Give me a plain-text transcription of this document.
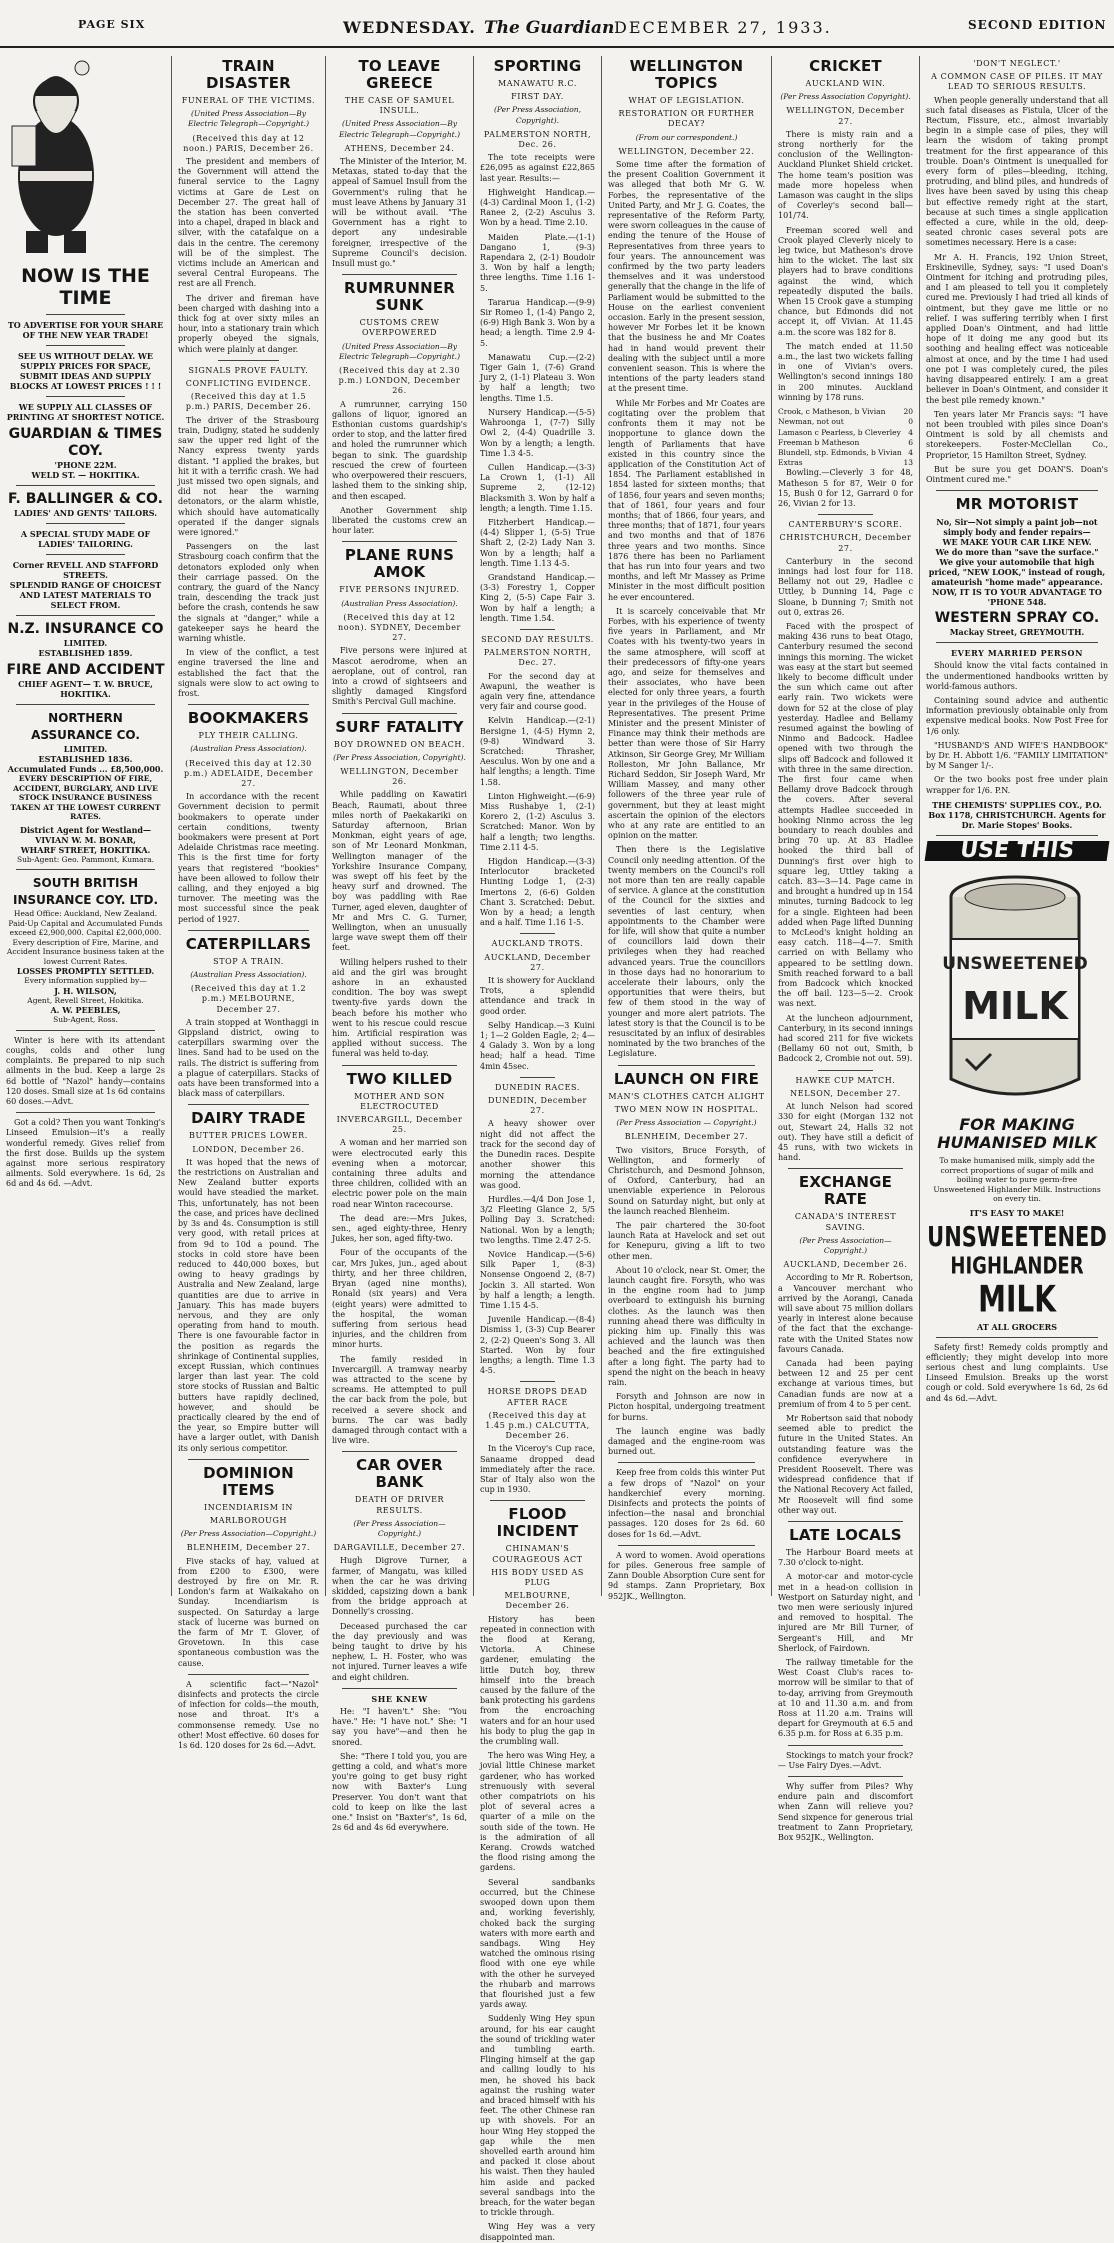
PAGE SIX	WEDNESDAY. The Guardian DECEMBER 27, 1933.	SECOND EDITION
NOW IS THE TIME
TO ADVERTISE FOR YOUR SHARE OF THE NEW YEAR TRADE!
SEE US WITHOUT DELAY. WE SUPPLY PRICES FOR SPACE, SUBMIT IDEAS AND SUPPLY BLOCKS AT LOWEST PRICES ! ! !
WE SUPPLY ALL CLASSES OF PRINTING AT SHORTEST NOTICE.
GUARDIAN & TIMES COY.
'PHONE 22M.
WELD ST. — HOKITIKA.
F. BALLINGER & CO.
LADIES' AND GENTS' TAILORS.
A SPECIAL STUDY MADE OF LADIES' TAILORING.
Corner REVELL AND STAFFORD STREETS.
SPLENDID RANGE OF CHOICEST AND LATEST MATERIALS TO SELECT FROM.
N.Z. INSURANCE CO
LIMITED.
ESTABLISHED 1859.
FIRE AND ACCIDENT
CHIEF AGENT— T. W. BRUCE, HOKITIKA.
NORTHERN ASSURANCE CO.
LIMITED.
ESTABLISHED 1836.
Accumulated Funds ... £8,500,000.
EVERY DESCRIPTION OF FIRE, ACCIDENT, BURGLARY, AND LIVE STOCK INSURANCE BUSINESS TAKEN AT THE LOWEST CURRENT RATES.
District Agent for Westland—
VIVIAN W. M. BONAR,
WHARF STREET, HOKITIKA.
Sub-Agent: Geo. Pammont, Kumara.
SOUTH BRITISH INSURANCE COY. LTD.
Head Office: Auckland, New Zealand. Paid-Up Capital and Accumulated Funds exceed £2,900,000. Capital £2,000,000.
Every description of Fire, Marine, and Accident Insurance business taken at the lowest Current Rates.
LOSSES PROMPTLY SETTLED.
Every information supplied by—
J. H. WILSON,
Agent, Revell Street, Hokitika.
A. W. PEEBLES,
Sub-Agent, Ross.

Winter is here with its attendant coughs, colds and other lung complaints. Be prepared to nip such ailments in the bud. Keep a large 2s 6d bottle of "Nazol" handy—contains 120 doses. Small size at 1s 6d contains 60 doses.—Advt.

Got a cold? Then you want Tonking's Linseed Emulsion—it's a really wonderful remedy. Gives relief from the first dose. Builds up the system against more serious respiratory ailments. Sold everywhere. 1s 6d, 2s 6d and 4s 6d. —Advt.

TRAIN DISASTER
FUNERAL OF THE VICTIMS.
(United Press Association—By Electric Telegraph—Copyright.)
(Received this day at 12 noon.) PARIS, December 26.

The president and members of the Government will attend the funeral service to the Lagny victims at Gare de Lest on December 27. The great hall of the station has been converted into a chapel, draped in black and silver, with the catafalque on a dais in the centre. The ceremony will be of the simplest. The victims include an American and several Central Europeans. The rest are all French.

The driver and fireman have been charged with dashing into a thick fog at over sixty miles an hour, into a stationary train which properly obeyed the signals, which were plainly at danger.

SIGNALS PROVE FAULTY.
CONFLICTING EVIDENCE.
(Received this day at 1.5 p.m.) PARIS, December 26.

The driver of the Strasbourg train, Dudigny, stated he suddenly saw the upper red light of the Nancy express twenty yards distant. "I applied the brakes, but hit it with a terrific crash. We had just missed two open signals, and did not hear the warning detonators, or the alarm whistle, which should have automatically operated if the danger signals were ignored."

Passengers on the last Strasbourg coach confirm that the detonators exploded only when their carriage passed. On the contrary, the guard of the Nancy train, descending the track just before the crash, contends he saw the signals at "danger," while a gatekeeper says he heard the warning whistle.

In view of the conflict, a test engine traversed the line and established the fact that the signals were slow to act owing to frost.

BOOKMAKERS
PLY THEIR CALLING.
(Australian Press Association).
(Received this day at 12.30 p.m.) ADELAIDE, December 27.

In accordance with the recent Government decision to permit bookmakers to operate under certain conditions, twenty bookmakers were present at Port Adelaide Christmas race meeting. This is the first time for forty years that registered "bookies" have been allowed to follow their calling, and they enjoyed a big turnover. The meeting was the most successful since the peak period of 1927.

CATERPILLARS
STOP A TRAIN.
(Australian Press Association).
(Received this day at 1.2 p.m.) MELBOURNE, December 27.

A train stopped at Wonthaggi in Gippsland district, owing to caterpillars swarming over the lines. Sand had to be used on the rails. The district is suffering from a plague of caterpillars. Stacks of oats have been transformed into a black mass of caterpillars.

DAIRY TRADE
BUTTER PRICES LOWER.
LONDON, December 26.

It was hoped that the news of the restrictions on Australian and New Zealand butter exports would have steadied the market. This, unfortunately, has not been the case, and prices have declined by 3s and 4s. Consumption is still very good, with retail prices at from 9d to 10d a pound. The stocks in cold store have been reduced to 440,000 boxes, but owing to heavy gradings by Australia and New Zealand, large quantities are due to arrive in January. This has made buyers nervous, and they are only operating from hand to mouth. There is one favourable factor in the position as regards the shrinkage of Continental supplies, except Russian, which continues larger than last year. The cold store stocks of Russian and Baltic butters have rapidly declined, however, and should be practically cleared by the end of the year, so Empire butter will have a larger outlet, with Danish its only serious competitor.

DOMINION ITEMS
INCENDIARISM IN
MARLBOROUGH
(Per Press Association—Copyright.)
BLENHEIM, December 27.

Five stacks of hay, valued at from £200 to £300, were destroyed by fire on Mr. R. London's farm at Waikakaho on Sunday. Incendiarism is suspected. On Saturday a large stack of lucerne was burned on the farm of Mr T. Glover, of Grovetown. In this case spontaneous combustion was the cause.

A scientific fact—"Nazol" disinfects and protects the circle of infection for colds—the mouth, nose and throat. It's a commonsense remedy. Use no other! Most effective. 60 doses for 1s 6d. 120 doses for 2s 6d.—Advt.

TO LEAVE GREECE
THE CASE OF SAMUEL INSULL.
(United Press Association—By Electric Telegraph—Copyright.)
ATHENS, December 24.

The Minister of the Interior, M. Metaxas, stated to-day that the appeal of Samuel Insull from the Government's ruling that he must leave Athens by January 31 will be without avail. "The Government has a right to deport any undesirable foreigner, irrespective of the Supreme Council's decision. Insull must go."

RUMRUNNER SUNK
CUSTOMS CREW OVERPOWERED
(United Press Association—By Electric Telegraph—Copyright.)
(Received this day at 2.30 p.m.) LONDON, December 26.

A rumrunner, carrying 150 gallons of liquor, ignored an Esthonian customs guardship's order to stop, and the latter fired and holed the rumrunner which began to sink. The guardship rescued the crew of fourteen who overpowered their rescuers, lashed them to the sinking ship, and then escaped.

Another Government ship liberated the customs crew an hour later.

PLANE RUNS AMOK
FIVE PERSONS INJURED.
(Australian Press Association).
(Received this day at 12 noon). SYDNEY, December 27.

Five persons were injured at Mascot aerodrome, when an aeroplane, out of control, ran into a crowd of sightseers and slightly damaged Kingsford Smith's Percival Gull machine.

SURF FATALITY
BOY DROWNED ON BEACH.
(Per Press Association, Copyright).
WELLINGTON, December 26.

While paddling on Kawatiri Beach, Raumati, about three miles north of Paekakariki on Saturday afternoon, Brian Monkman, eight years of age, son of Mr Leonard Monkman, Wellington manager of the Yorkshire Insurance Company, was swept off his feet by the heavy surf and drowned. The boy was paddling with Rae Turner, aged eleven, daughter of Mr and Mrs C. G. Turner, Wellington, when an unusually large wave swept them off their feet.

Willing helpers rushed to their aid and the girl was brought ashore in an exhausted condition. The boy was swept twenty-five yards down the beach before his mother who went to his rescue could rescue him. Artificial respiration was applied without success. The funeral was held to-day.

TWO KILLED
MOTHER AND SON ELECTROCUTED
INVERCARGILL, December 25.

A woman and her married son were electrocuted early this evening when a motorcar, containing three adults and three children, collided with an electric power pole on the main road near Winton racecourse.

The dead are:—Mrs Jukes, sen., aged eighty-three, Henry Jukes, her son, aged fifty-two.

Four of the occupants of the car, Mrs Jukes, jun., aged about thirty, and her three children, Bryan (aged nine months), Ronald (six years) and Vera (eight years) were admitted to the hospital, the woman suffering from serious head injuries, and the children from minor hurts.

The family resided in Invercargill. A tramway nearby was attracted to the scene by screams. He attempted to pull the car back from the pole, but received a severe shock and burns. The car was badly damaged through contact with a live wire.

CAR OVER BANK
DEATH OF DRIVER RESULTS.
(Per Press Association— Copyright.)
DARGAVILLE, December 27.

Hugh Digrove Turner, a farmer, of Mangatu, was killed when the car he was driving skidded, capsizing down a bank from the bridge approach at Donnelly's crossing.

Deceased purchased the car the day previously and was being taught to drive by his nephew, L. H. Foster, who was not injured. Turner leaves a wife and eight children.

SHE KNEW

He: "I haven't." She: "You have." He: "I have not." She: "I say you have"—and then he snored.

She: "There I told you, you are getting a cold, and what's more you're going to get busy right now with Baxter's Lung Preserver. You don't want that cold to keep on like the last one." Insist on "Baxter's", 1s 6d, 2s 6d and 4s 6d everywhere.

SPORTING
MANAWATU R.C.
FIRST DAY.
(Per Press Association, Copyright).
PALMERSTON NORTH, Dec. 26.

The tote receipts were £26,095 as against £22,865 last year. Results:—

Highweight Handicap.—(4-3) Cardinal Moon 1, (1-2) Ranee 2, (2-2) Asculus 3. Won by a head. Time 2.10.

Maiden Plate.—(1-1) Dangano 1, (9-3) Rapendara 2, (2-1) Boudoir 3. Won by half a length; three lengths. Time 1.16 1-5.

Tararua Handicap.—(9-9) Sir Romeo 1, (1-4) Pango 2, (6-9) High Bank 3. Won by a head; a length. Time 2.9 4-5.

Manawatu Cup.—(2-2) Tiger Gain 1, (7-6) Grand Jury 2, (1-1) Plateau 3. Won by half a length; two lengths. Time 1.5.

Nursery Handicap.—(5-5) Wahroonga 1, (7-7) Silly Owl 2, (4-4) Quadrille 3. Won by a length; a length. Time 1.3 4-5.

Cullen Handicap.—(3-3) La Crown 1, (1-1) All Supreme 2, (12-12) Blacksmith 3. Won by half a length; a length. Time 1.15.

Fitzherbert Handicap.—(4-4) Slipper 1, (5-5) True Shaft 2, (2-2) Lady Nan 3. Won by a length; half a length. Time 1.13 4-5.

Grandstand Handicap.—(3-3) Forestry 1, Copper King 2, (5-5) Cape Fair 3. Won by half a length; a length. Time 1.54.

SECOND DAY RESULTS.
PALMERSTON NORTH, Dec. 27.

For the second day at Awapuni, the weather is again very fine, attendance very fair and course good.

Kelvin Handicap.—(2-1) Bersigne 1, (4-5) Hymn 2, (9-8) Windward 3. Scratched: Thrasher, Aesculus. Won by one and a half lengths; a length. Time 1.58.

Linton Highweight.—(6-9) Miss Rushabye 1, (2-1) Korero 2, (1-2) Asculus 3. Scratched: Manor. Won by half a length; two lengths. Time 2.11 4-5.

Higdon Handicap.—(3-3) Interlocutor bracketed Hunting Lodge 1, (2-3) Imertons 2, (6-6) Golden Chant 3. Scratched: Debut. Won by a head; a length and a half. Time 1.16 1-5.

AUCKLAND TROTS.
AUCKLAND, December 27.

It is showery for Auckland Trots, a splendid attendance and track in good order.

Selby Handicap.—3 Kuini 1; 1—2 Golden Eagle, 2; 4—4 Galady 3. Won by a long head; half a head. Time 4min 45sec.

DUNEDIN RACES.
DUNEDIN, December 27.

A heavy shower over night did not affect the track for the second day of the Dunedin races. Despite another shower this morning the attendance was good.

Hurdles.—4/4 Don Jose 1, 3/2 Fleeting Glance 2, 5/5 Polling Day 3. Scratched: National. Won by a length; two lengths. Time 2.47 2-5.

Novice Handicap.—(5-6) Silk Paper 1, (8-3) Nonsense Ongoend 2, (8-7) Jockin 3. All started. Won by half a length; a length. Time 1.15 4-5.

Juvenile Handicap.—(8-4) Dismiss 1, (3-3) Cup Bearer 2, (2-2) Queen's Song 3. All Started. Won by four lengths; a length. Time 1.3 4-5.

HORSE DROPS DEAD AFTER RACE
(Received this day at 1.45 p.m.) CALCUTTA, December 26.

In the Viceroy's Cup race, Sanaame dropped dead immediately after the race. Star of Italy also won the cup in 1930.

FLOOD INCIDENT
CHINAMAN'S COURAGEOUS ACT
HIS BODY USED AS PLUG
MELBOURNE, December 26.

History has been repeated in connection with the flood at Kerang, Victoria. A Chinese gardener, emulating the little Dutch boy, threw himself into the breach caused by the failure of the bank protecting his gardens from the encroaching waters and for an hour used his body to plug the gap in the crumbling wall.

The hero was Wing Hey, a jovial little Chinese market gardener, who has worked strenuously with several other compatriots on his plot of several acres a quarter of a mile on the south side of the town. He is the admiration of all Kerang. Crowds watched the flood rising among the gardens.

Several sandbanks occurred, but the Chinese swooped down upon them and, working feverishly, choked back the surging waters with more earth and sandbags. Wing Hey watched the ominous rising flood with one eye while with the other he surveyed the rhubarb and marrows that flourished just a few yards away.

Suddenly Wing Hey spun around, for his ear caught the sound of trickling water and tumbling earth. Flinging himself at the gap and calling loudly to his men, he shoved his back against the rushing water and braced himself with his feet. The other Chinese ran up with shovels. For an hour Wing Hey stopped the gap while the men shovelled earth around him and packed it close about his waist. Then they hauled him aside and packed several sandbags into the breach, for the water began to trickle through.

Wing Hey was a very disappointed man.

WELLINGTON TOPICS
WHAT OF LEGISLATION.
RESTORATION OR FURTHER DECAY?
(From our correspondent.)
WELLINGTON, December 22.

Some time after the formation of the present Coalition Government it was alleged that both Mr G. W. Forbes, the representative of the United Party, and Mr J. G. Coates, the representative of the Reform Party, were sworn colleagues in the cause of ending the tenure of the House of Representatives from three years to four years. The announcement was confirmed by the two party leaders themselves and it was understood generally that the change in the life of Parliament would be submitted to the House on the earliest convenient occasion. Early in the present session, however Mr Forbes let it be known that the business he and Mr Coates had in hand would prevent their dealing with the subject until a more convenient season. This is where the intentions of the party leaders stand at the present time.

While Mr Forbes and Mr Coates are cogitating over the problem that confronts them it may not be inopportune to glance down the length of Parliaments that have existed in this country since the application of the Constitution Act of 1854. The Parliament established in 1854 lasted for sixteen months; that of 1856, four years and seven months; that of 1861, four years and four months; that of 1866, four years, and three months; that of 1871, four years and two months and that of 1876 three years and two months. Since 1876 there has been no Parliament that has run into four years and two months, and left Mr Massey as Prime Minister in the most difficult position he ever encountered.

It is scarcely conceivable that Mr Forbes, with his experience of twenty five years in Parliament, and Mr Coates with his twenty-two years in the same atmosphere, will scoff at their predecessors of fifty-one years ago, and seize for themselves and their associates, who have been elected for only three years, a fourth year in the privileges of the House of Representatives. The present Prime Minister and the present Minister of Finance may think their methods are better than were those of Sir Harry Atkinson, Sir George Grey, Mr William Rolleston, Mr John Ballance, Mr Richard Seddon, Sir Joseph Ward, Mr William Massey, and many other followers of the three year rule of government, but they at least might ascertain the opinion of the electors who at any rate are entitled to an opinion on the matter.

Then there is the Legislative Council only needing attention. Of the twenty members on the Council's roll not more than ten are really capable of service. A glance at the constitution of the Council for the sixties and seventies of last century, when appointments to the Chamber were for life, will show that quite a number of councillors laid down their privileges when they had reached advanced years. True the councillors in those days had no honorarium to accelerate their labours, only the opportunities that were theirs, but few of them stood in the way of younger and more alert patriots. The latest story is that the Council is to be resuscitated by an influx of desirables nominated by the two branches of the Legislature.

LAUNCH ON FIRE
MAN'S CLOTHES CATCH ALIGHT
TWO MEN NOW IN HOSPITAL.
(Per Press Association — Copyright.)
BLENHEIM, December 27.

Two visitors, Bruce Forsyth, of Wellington, and formerly of Christchurch, and Desmond Johnson, of Oxford, Canterbury, had an unenviable experience in Pelorous Sound on Saturday night, but only at the launch reached Blenheim.

The pair chartered the 30-foot launch Rata at Havelock and set out for Kenepuru, giving a lift to two other men.

About 10 o'clock, near St. Omer, the launch caught fire. Forsyth, who was in the engine room had to jump overboard to extinguish his burning clothes. As the launch was then running ahead there was difficulty in picking him up. Finally this was achieved and the launch was then beached and the fire extinguished after a long fight. The party had to spend the night on the beach in heavy rain.

Forsyth and Johnson are now in Picton hospital, undergoing treatment for burns.

The launch engine was badly damaged and the engine-room was burned out.

Keep free from colds this winter Put a few drops of "Nazol" on your handkerchief every morning. Disinfects and protects the points of infection—the nasal and bronchial passages. 120 doses for 2s 6d. 60 doses for 1s 6d.—Advt.

A word to women. Avoid operations for piles. Generous free sample of Zann Double Absorption Cure sent for 9d stamps. Zann Proprietary, Box 952JK., Wellington.

CRICKET
AUCKLAND WIN.
(Per Press Association Copyright).
WELLINGTON, December 27.

There is misty rain and a strong northerly for the conclusion of the Wellington-Auckland Plunket Shield cricket. The home team's position was made more hopeless when Lamason was caught in the slips of Coverley's second ball—101/74.

Freeman scored well and Crook played Cleverly nicely to leg twice, but Matheson's drove him to the wicket. The last six players had to brave conditions against the wind, which repeatedly disputed the bails. When 15 Crook gave a stumping chance, but Edmonds did not accept it, off Vivian. At 11.45 a.m. the score was 182 for 8.

The match ended at 11.50 a.m., the last two wickets falling in one of Vivian's overs. Wellington's second innings 180 in 200 minutes. Auckland winning by 178 runs.

Crook, c Matheson, b Vivian	20
Newman, not out	0
Lamason c Pearless, b Cleverley	4
Freeman b Matheson	6
Blundell, stp. Edmonds, b Vivian	4
Extras	13

Bowling.—Cleverly 3 for 48, Matheson 5 for 87, Weir 0 for 15, Bush 0 for 12, Garrard 0 for 26, Vivian 2 for 13.

CANTERBURY'S SCORE.
CHRISTCHURCH, December 27.

Canterbury in the second innings had lost four for 118. Bellamy not out 29, Hadlee c Uttley, b Dunning 14, Page c Sloane, b Dunning 7; Smith not out 0, extras 26.

Faced with the prospect of making 436 runs to beat Otago, Canterbury resumed the second innings this morning. The wicket was easy at the start but seemed likely to become difficult under the sun which came out after early rain. Two wickets were down for 52 at the close of play yesterday. Hadlee and Bellamy resumed against the bowling of Ninmo and Badcock. Hadlee opened with two through the slips off Badcock and followed it with three in the same direction. The first four came when Bellamy drove Badcock through the covers. After several attempts Hadlee succeeded in hooking Ninmo across the leg boundary to reach doubles and bring 70 up. At 83 Hadlee hooked the third ball of Dunning's first over high to square leg, Uttley taking a catch. 83—3—14. Page came in and brought a hundred up in 154 minutes, turning Badcock to leg for a single. Eighteen had been added when Page lifted Dunning to McLeod's knight holding an easy catch. 118—4—7. Smith carried on with Bellamy who appeared to be settling down. Smith reached forward to a ball from Badcock which knocked the off bail. 123—5—2. Crook was next.

At the luncheon adjournment, Canterbury, in its second innings had scored 211 for five wickets (Bellamy 60 not out, Smith, b Badcock 2, Crombie not out. 59).

HAWKE CUP MATCH.
NELSON, December 27.

At lunch Nelson had scored 330 for eight (Morgan 132 not out, Stewart 24, Halls 32 not out). They have still a deficit of 45 runs, with two wickets in hand.

EXCHANGE RATE
CANADA'S INTEREST SAVING.
(Per Press Association— Copyright.)
AUCKLAND, December 26.

According to Mr R. Robertson, a Vancouver merchant who arrived by the Aorangi, Canada will save about 75 million dollars yearly in interest alone because of the fact that the exchange-rate with the United States now favours Canada.

Canada had been paying between 12 and 25 per cent exchange at various times, but Canadian funds are now at a premium of from 4 to 5 per cent.

Mr Robertson said that nobody seemed able to predict the future in the United States. An outstanding feature was the confidence everywhere in President Roosevelt. There was widespread confidence that if the National Recovery Act failed, Mr Roosevelt will find some other way out.

LATE LOCALS

The Harbour Board meets at 7.30 o'clock to-night.

A motor-car and motor-cycle met in a head-on collision in Westport on Saturday night, and two men were seriously injured and removed to hospital. The injured are Mr Bill Turner, of Sergeant's Hill, and Mr Sherlock, of Fairdown.

The railway timetable for the West Coast Club's races to-morrow will be similar to that of to-day, arriving from Greymouth at 10 and 11.30 a.m. and from Ross at 11.20 a.m. Trains will depart for Greymouth at 6.5 and 6.35 p.m. for Ross at 6.35 p.m.

Stockings to match your frock?— Use Fairy Dyes.—Advt.

Why suffer from Piles? Why endure pain and discomfort when Zann will relieve you? Send sixpence for generous trial treatment to Zann Proprietary, Box 952JK., Wellington.

'DON'T NEGLECT.'
A COMMON CASE OF PILES. IT MAY LEAD TO SERIOUS RESULTS.

When people generally understand that all such fatal diseases as Fistula, Ulcer of the Rectum, Fissure, etc., almost invariably begin in a simple case of piles, they will learn the wisdom of taking prompt treatment for the first appearance of this trouble. Doan's Ointment is unequalled for every form of piles—bleeding, itching, protruding, and blind piles, and hundreds of lives have been saved by using this cheap but effective remedy right at the start, because at such times a single application effected a cure, while in the old, deep-seated chronic cases several pots are sometimes necessary. Here is a case:

Mr A. H. Francis, 192 Union Street, Erskineville, Sydney, says: "I used Doan's Ointment for itching and protruding piles, and I am pleased to tell you it completely cured me. Previously I had tried all kinds of ointment, but they gave me little or no relief. I was suffering terribly when I first applied Doan's Ointment, and had little hope of it doing me any good but its soothing and healing effect was noticeable almost at once, and by the time I had used one pot I was completely cured, the piles having disappeared entirely. I am a great believer in Doan's Ointment, and consider it the best pile remedy known."

Ten years later Mr Francis says: "I have not been troubled with piles since Doan's Ointment is sold by all chemists and storekeepers. Foster-McClellan Co., Proprietor, 15 Hamilton Street, Sydney.

But be sure you get DOAN'S. Doan's Ointment cured me."

MR MOTORIST
No, Sir—Not simply a paint job—not simply body and fender repairs—
WE MAKE YOUR CAR LIKE NEW.
We do more than "save the surface."
We give your automobile that high priced, "NEW LOOK," instead of rough, amateurish "home made" appearance.
NOW, IT IS TO YOUR ADVANTAGE TO 'PHONE 548.
WESTERN SPRAY CO.
Mackay Street, GREYMOUTH.
EVERY MARRIED PERSON

Should know the vital facts contained in the undermentioned handbooks written by world-famous authors.

Containing sound advice and authentic information previously obtainable only from expensive medical books. Now Post Free for 1/6 only.

"HUSBAND'S AND WIFE'S HANDBOOK" by Dr. H. Abbott 1/6. "FAMILY LIMITATION" by M Sanger 1/-.

Or the two books post free under plain wrapper for 1/6. P.N.

THE CHEMISTS' SUPPLIES COY., P.O. Box 1178, CHRISTCHURCH. Agents for Dr. Marie Stopes' Books.
USE THIS
UNSWEETENED
MILK
FOR MAKING HUMANISED MILK
To make humanised milk, simply add the correct proportions of sugar of milk and boiling water to pure germ-free Unsweetened Highlander Milk. Instructions on every tin.
IT'S EASY TO MAKE!
UNSWEETENED
HIGHLANDER
MILK
AT ALL GROCERS

Safety first! Remedy colds promptly and efficiently; they might develop into more serious chest and lung complaints. Use Linseed Emulsion. Breaks up the worst cough or cold. Sold everywhere 1s 6d, 2s 6d and 4s 6d.—Advt.
